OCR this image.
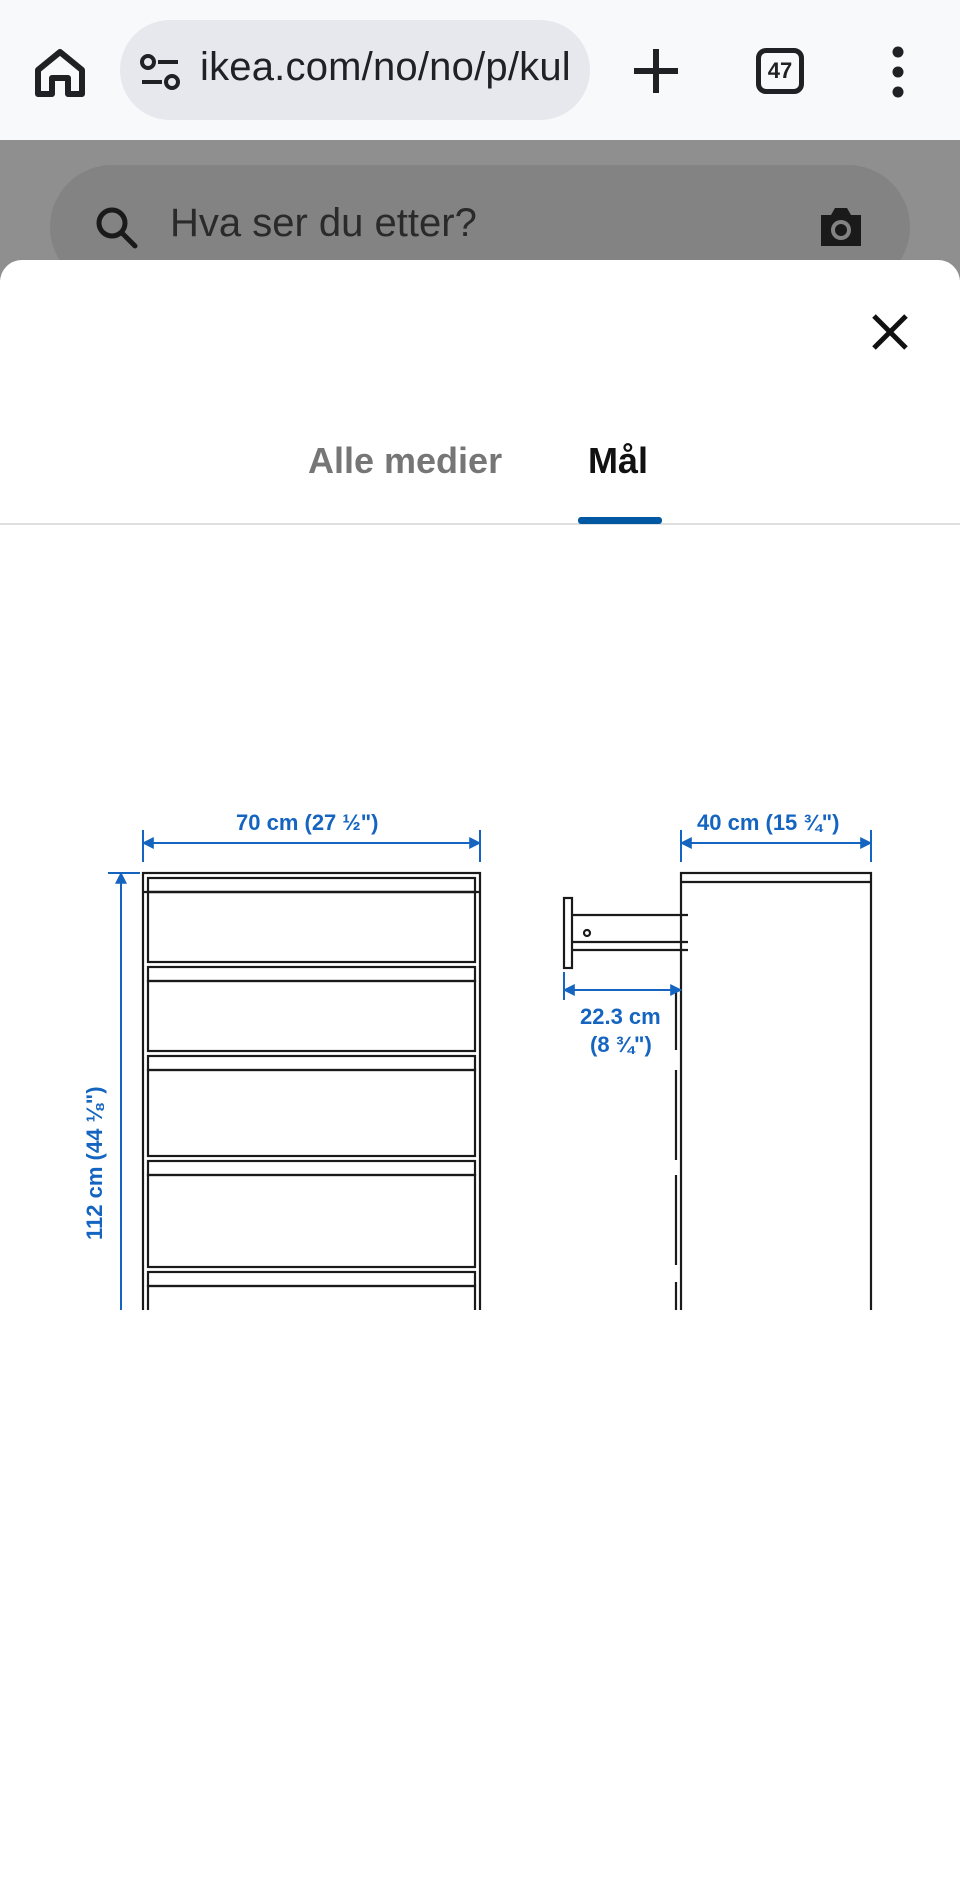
ikea.com/no/no/p/kul	47
Hva ser du etter?
Alle medier Mål
70 cm (27 ½")	40 cm (15 ¾")
112 cm (44 ⅛")
22.3 cm
(8 ¾")
